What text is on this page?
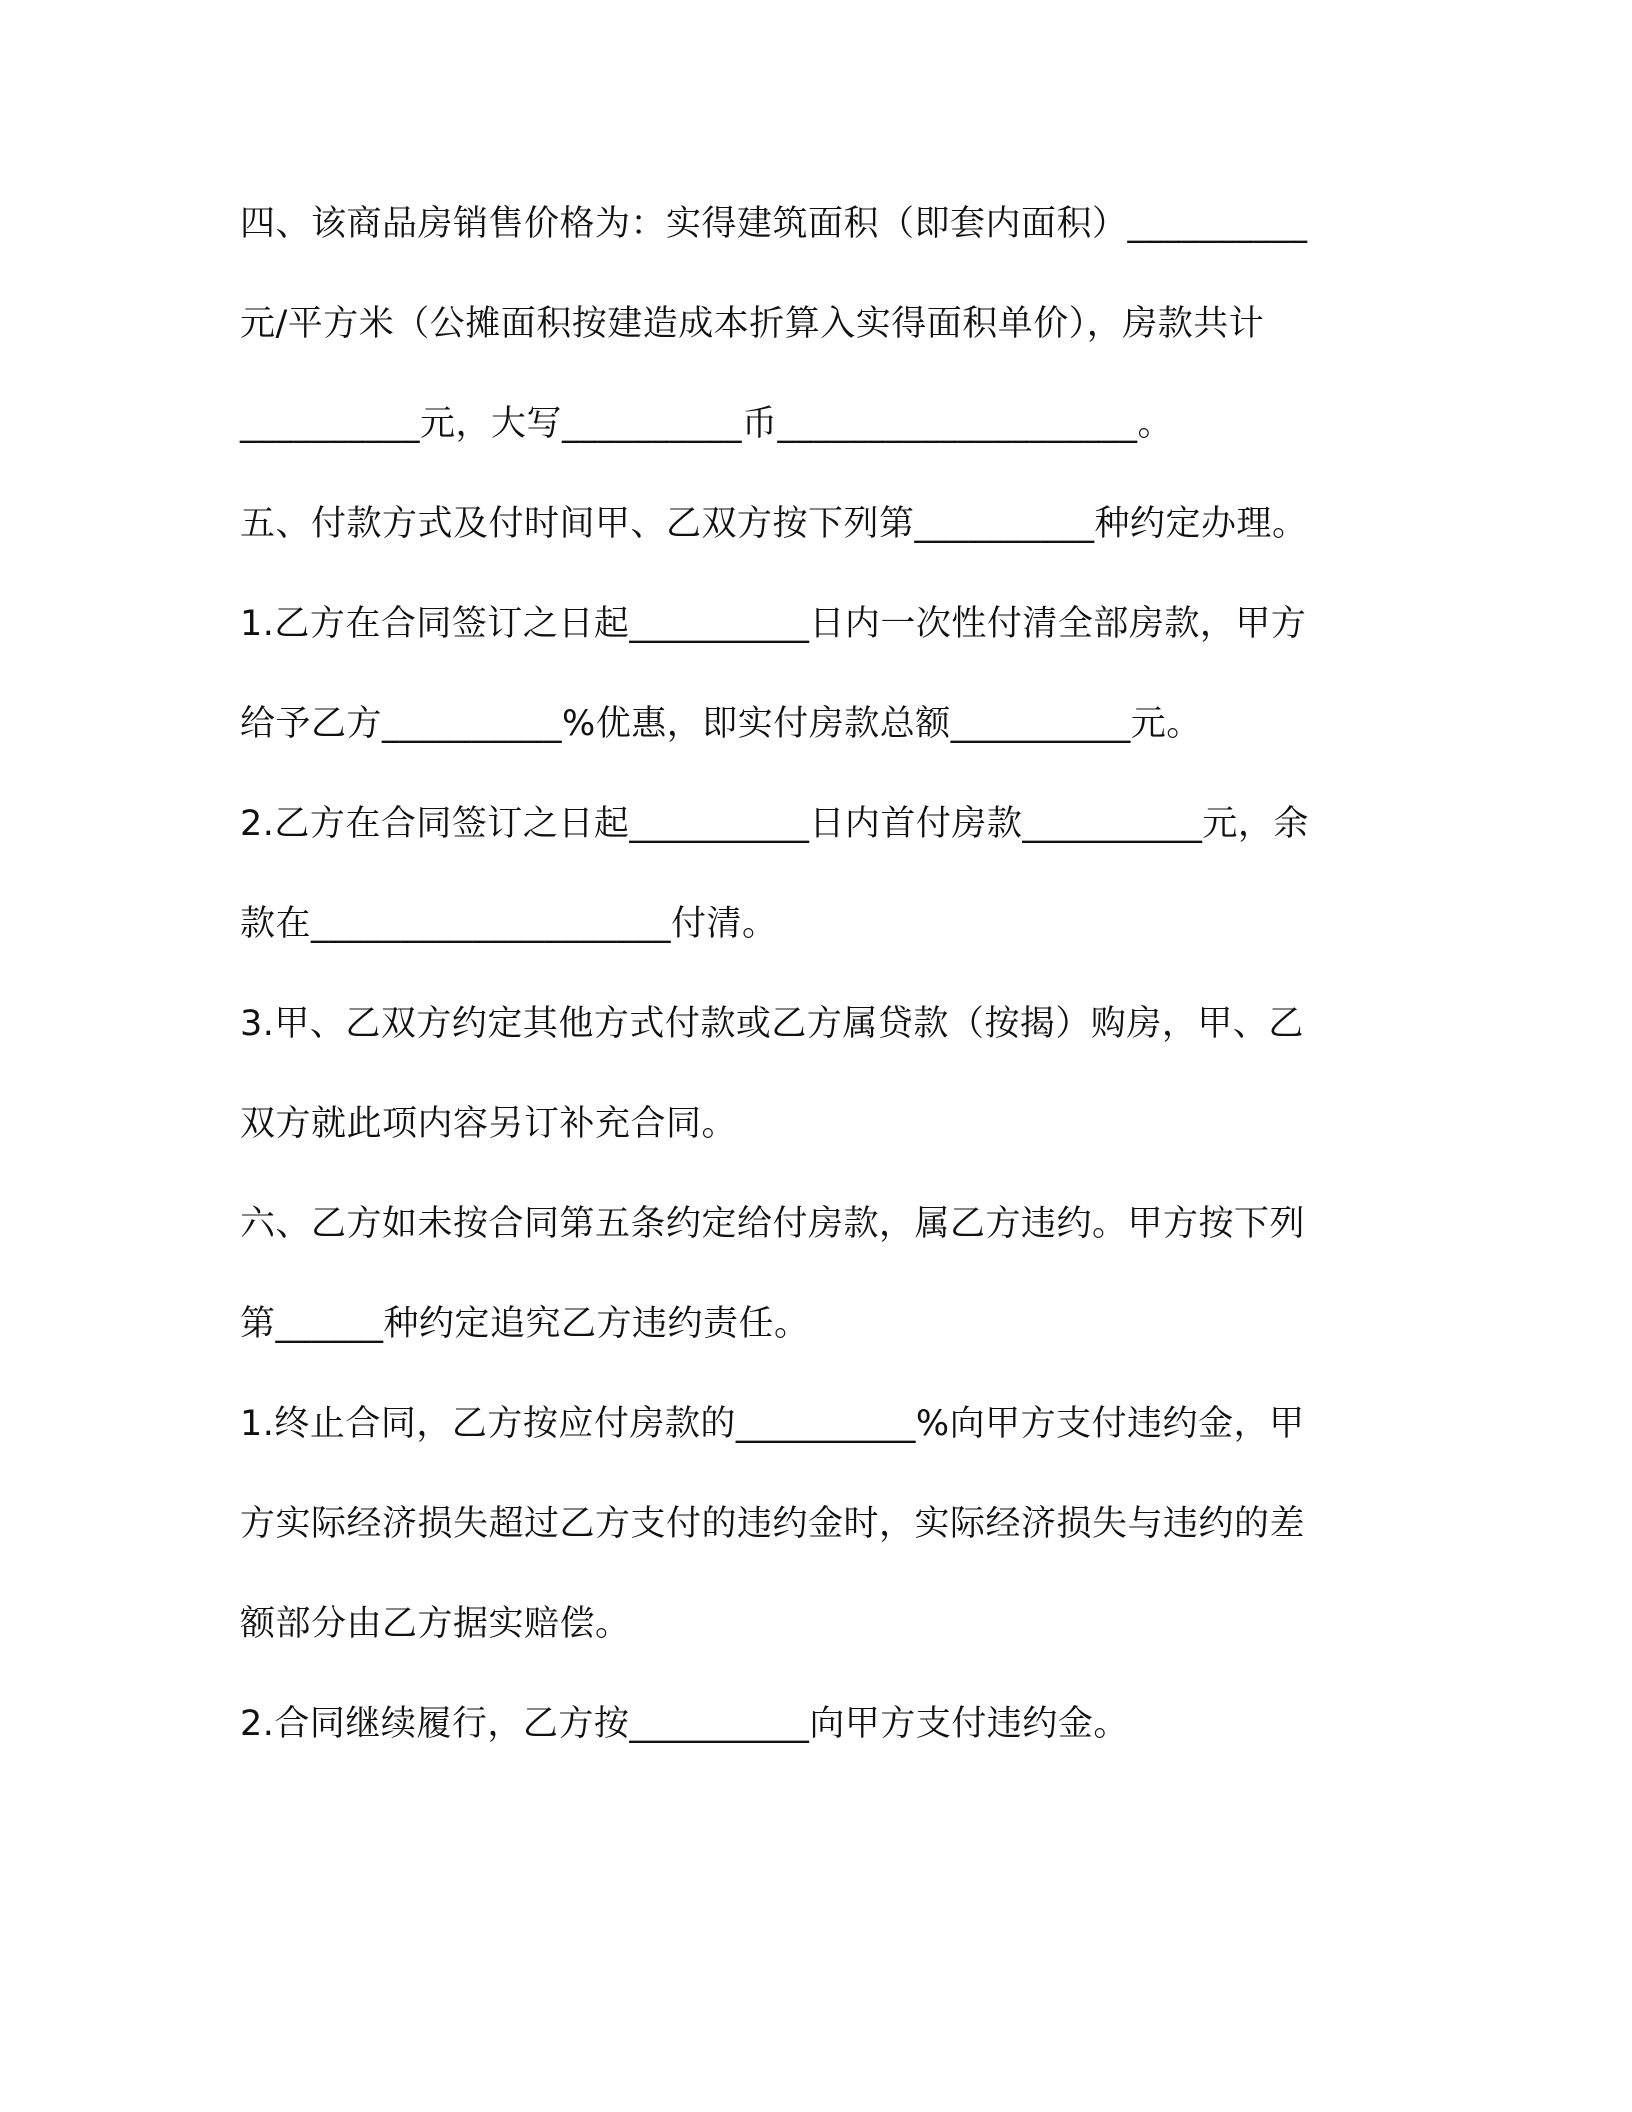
四、该商品房销售价格为：实得建筑面积（即套内面积）__________
元/平方米（公摊面积按建造成本折算入实得面积单价），房款共计
__________元，大写__________币____________________。
五、付款方式及付时间甲、乙双方按下列第__________种约定办理。
1.乙方在合同签订之日起__________日内一次性付清全部房款，甲方
给予乙方__________%优惠，即实付房款总额__________元。
2.乙方在合同签订之日起__________日内首付房款__________元，余
款在____________________付清。
3.甲、乙双方约定其他方式付款或乙方属贷款（按揭）购房，甲、乙
双方就此项内容另订补充合同。
六、乙方如未按合同第五条约定给付房款，属乙方违约。甲方按下列
第______种约定追究乙方违约责任。
1.终止合同，乙方按应付房款的__________%向甲方支付违约金，甲
方实际经济损失超过乙方支付的违约金时，实际经济损失与违约的差
额部分由乙方据实赔偿。
2.合同继续履行，乙方按__________向甲方支付违约金。
